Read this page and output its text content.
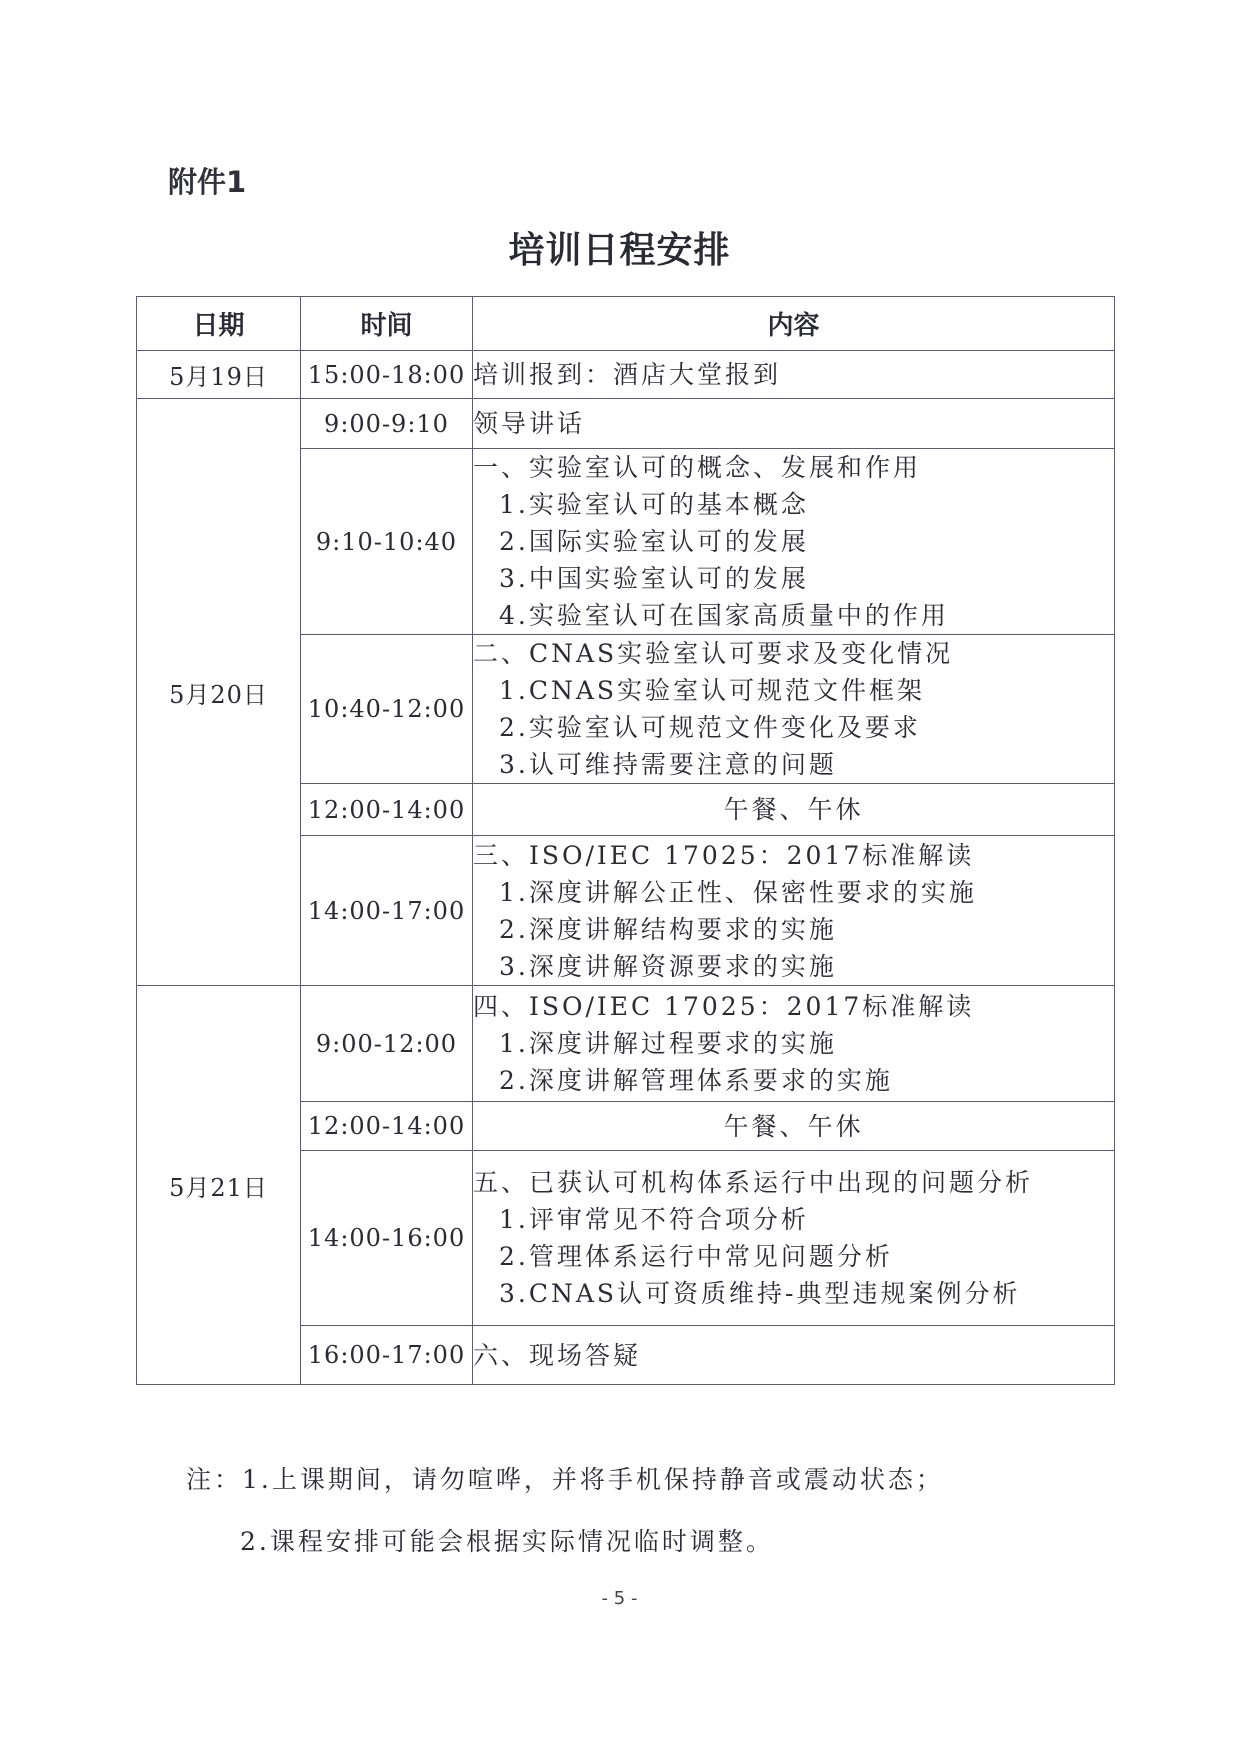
附件1
培训日程安排
日期	时间	内容
5月19日	15:00-18:00	培训报到：酒店大堂报到

5月20日	9:00-9:10	领导讲话

	9:10-10:40	一、实验室认可的概念、发展和作用
1.实验室认可的基本概念
2.国际实验室认可的发展
3.中国实验室认可的发展
4.实验室认可在国家高质量中的作用

	10:40-12:00	二、CNAS实验室认可要求及变化情况
1.CNAS实验室认可规范文件框架
2.实验室认可规范文件变化及要求
3.认可维持需要注意的问题

	12:00-14:00	午餐、午休

	14:00-17:00	三、ISO/IEC 17025：2017标准解读
1.深度讲解公正性、保密性要求的实施
2.深度讲解结构要求的实施
3.深度讲解资源要求的实施

5月21日	9:00-12:00	四、ISO/IEC 17025：2017标准解读
1.深度讲解过程要求的实施
2.深度讲解管理体系要求的实施

	12:00-14:00	午餐、午休

	14:00-16:00	五、已获认可机构体系运行中出现的问题分析
1.评审常见不符合项分析
2.管理体系运行中常见问题分析
3.CNAS认可资质维持-典型违规案例分析

	16:00-17:00	六、现场答疑
注：1.上课期间，请勿喧哗，并将手机保持静音或震动状态；
2.课程安排可能会根据实际情况临时调整。
- 5 -
